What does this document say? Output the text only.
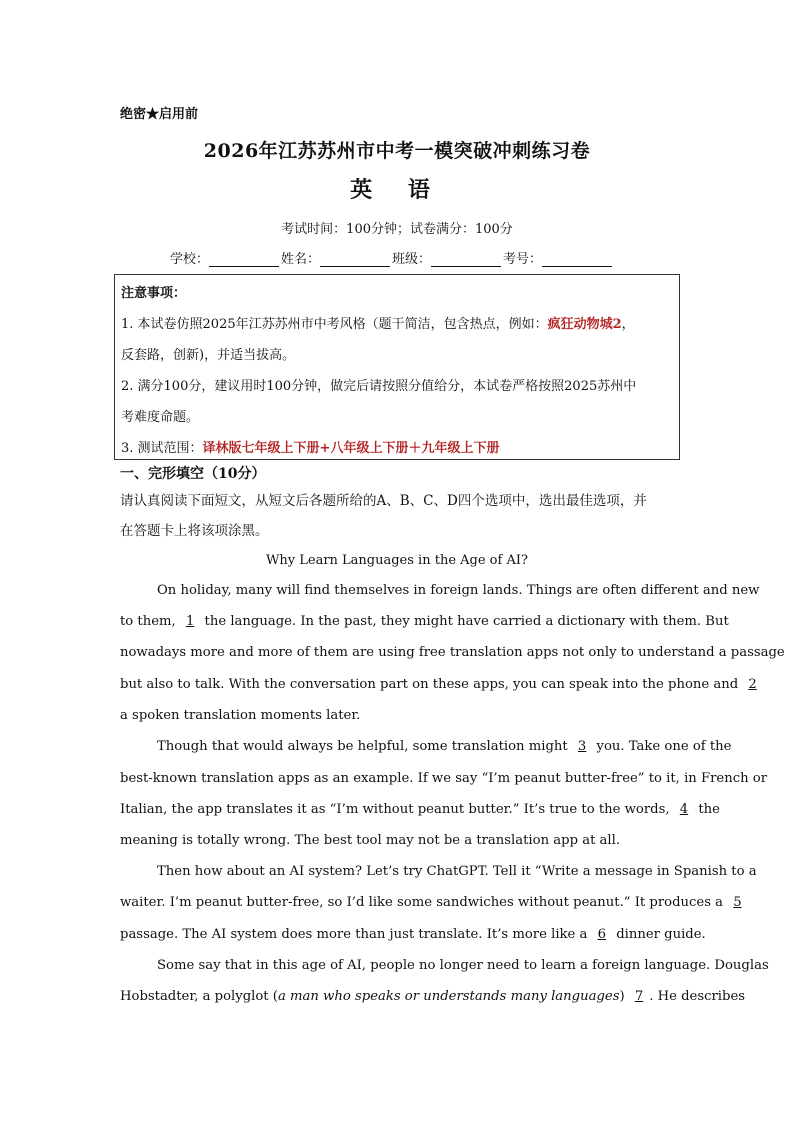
绝密★启用前
2026年江苏苏州市中考一模突破冲刺练习卷
英 语
考试时间：100分钟；试卷满分：100分
学校：	姓名：	班级：	考号：
注意事项：
1. 本试卷仿照2025年江苏苏州市中考风格（题干简洁，包含热点，例如：疯狂动物城2，
反套路，创新)，并适当拔高。
2. 满分100分，建议用时100分钟，做完后请按照分值给分，本试卷严格按照2025苏州中
考难度命题。
3. 测试范围：译林版七年级上下册+八年级上下册＋九年级上下册
一、完形填空（10分）
请认真阅读下面短文，从短文后各题所给的A、B、C、D四个选项中，选出最佳选项，并
在答题卡上将该项涂黑。
Why Learn Languages in the Age of AI?
On holiday, many will find themselves in foreign lands. Things are often different and new
to them, 1 the language. In the past, they might have carried a dictionary with them. But
nowadays more and more of them are using free translation apps not only to understand a passage
but also to talk. With the conversation part on these apps, you can speak into the phone and 2
a spoken translation moments later.
Though that would always be helpful, some translation might 3 you. Take one of the
best-known translation apps as an example. If we say “I’m peanut butter-free” to it, in French or
Italian, the app translates it as “I’m without peanut butter.” It’s true to the words, 4 the
meaning is totally wrong. The best tool may not be a translation app at all.
Then how about an AI system? Let’s try ChatGPT. Tell it “Write a message in Spanish to a
waiter. I’m peanut butter-free, so I’d like some sandwiches without peanut.” It produces a 5
passage. The AI system does more than just translate. It’s more like a 6 dinner guide.
Some say that in this age of AI, people no longer need to learn a foreign language. Douglas
Hobstadter, a polyglot (a man who speaks or understands many languages) 7 . He describes
